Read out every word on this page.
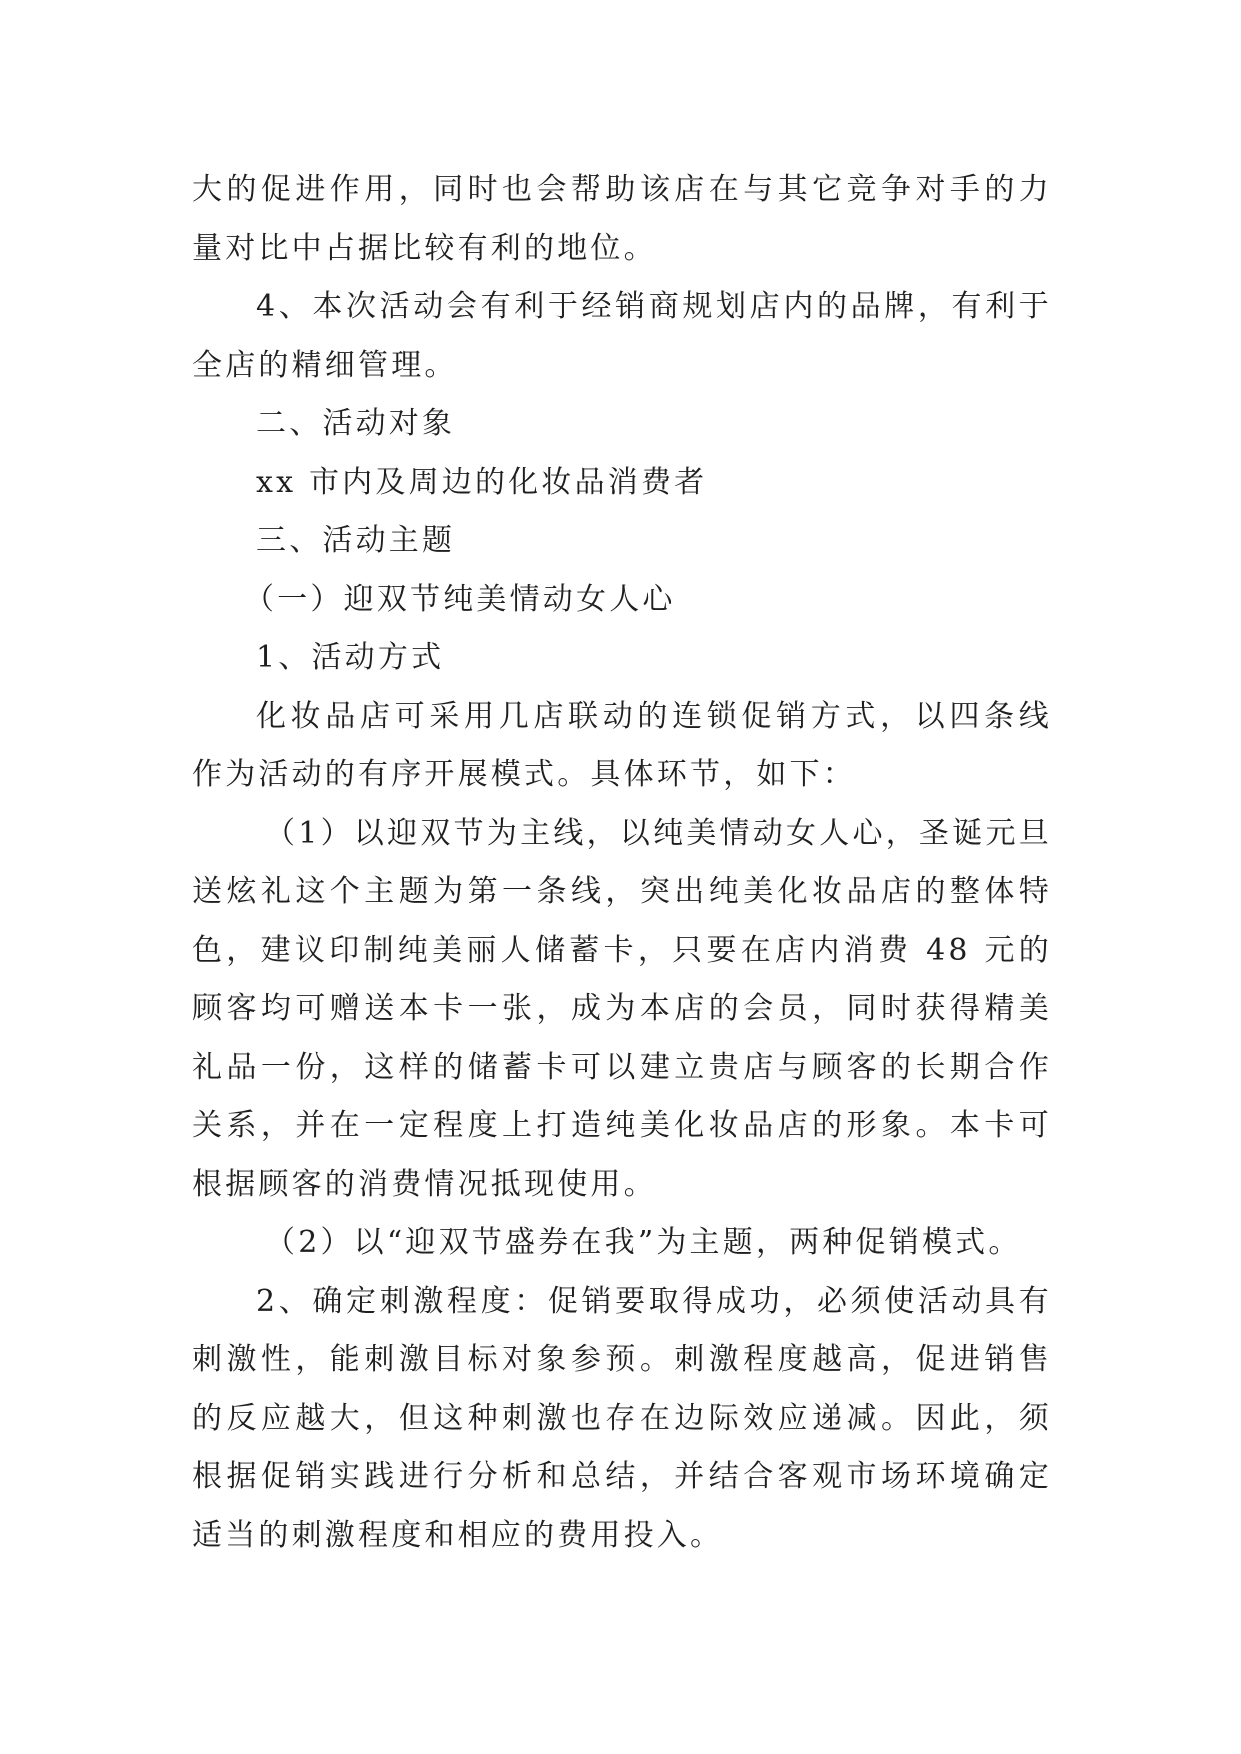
大的促进作用，同时也会帮助该店在与其它竞争对手的力量对比中占据比较有利的地位。

4、本次活动会有利于经销商规划店内的品牌，有利于全店的精细管理。

二、活动对象

xx 市内及周边的化妆品消费者

三、活动主题

（一）迎双节纯美情动女人心

1、活动方式

化妆品店可采用几店联动的连锁促销方式，以四条线作为活动的有序开展模式。具体环节，如下：

（1）以迎双节为主线，以纯美情动女人心，圣诞元旦送炫礼这个主题为第一条线，突出纯美化妆品店的整体特色，建议印制纯美丽人储蓄卡，只要在店内消费 48 元的顾客均可赠送本卡一张，成为本店的会员，同时获得精美礼品一份，这样的储蓄卡可以建立贵店与顾客的长期合作关系，并在一定程度上打造纯美化妆品店的形象。本卡可根据顾客的消费情况抵现使用。

（2）以“迎双节盛券在我”为主题，两种促销模式。

2、确定刺激程度：促销要取得成功，必须使活动具有刺激性，能刺激目标对象参预。刺激程度越高，促进销售的反应越大，但这种刺激也存在边际效应递减。因此，须根据促销实践进行分析和总结，并结合客观市场环境确定适当的刺激程度和相应的费用投入。
